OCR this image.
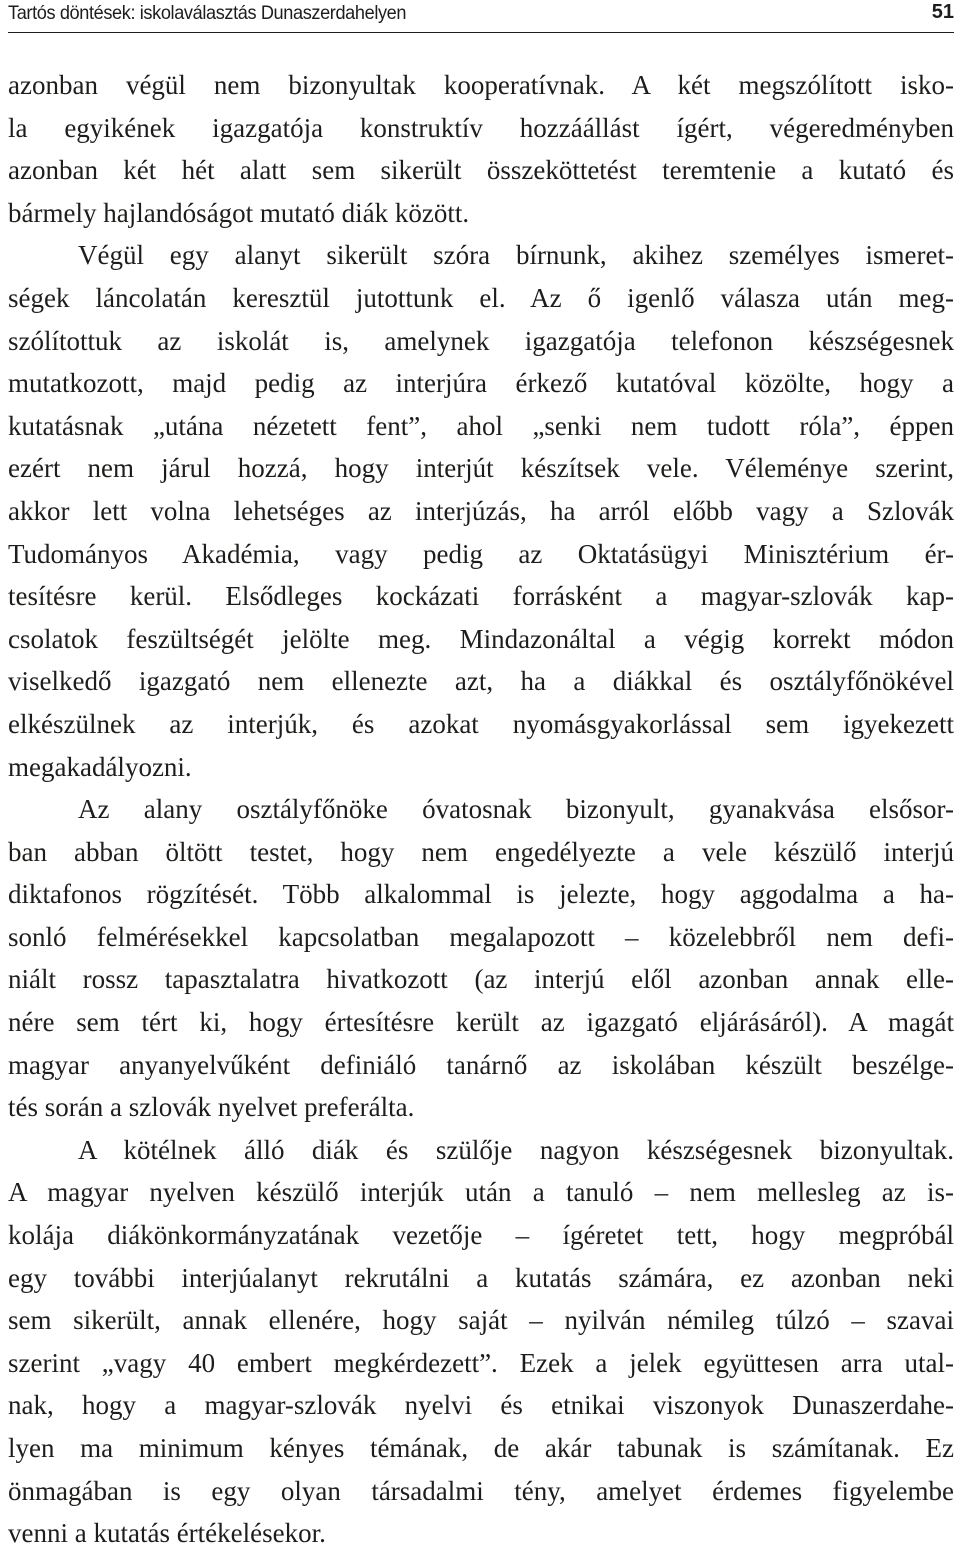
Tartós döntések: iskolaválasztás Dunaszerdahelyen	51
azonban végül nem bizonyultak kooperatívnak. A két megszólított isko-
la egyikének igazgatója konstruktív hozzáállást ígért, végeredményben
azonban két hét alatt sem sikerült összeköttetést teremtenie a kutató és
bármely hajlandóságot mutató diák között.
Végül egy alanyt sikerült szóra bírnunk, akihez személyes ismeret-
ségek láncolatán keresztül jutottunk el. Az ő igenlő válasza után meg-
szólítottuk az iskolát is, amelynek igazgatója telefonon készségesnek
mutatkozott, majd pedig az interjúra érkező kutatóval közölte, hogy a
kutatásnak „utána nézetett fent”, ahol „senki nem tudott róla”, éppen
ezért nem járul hozzá, hogy interjút készítsek vele. Véleménye szerint,
akkor lett volna lehetséges az interjúzás, ha arról előbb vagy a Szlovák
Tudományos Akadémia, vagy pedig az Oktatásügyi Minisztérium ér-
tesítésre kerül. Elsődleges kockázati forrásként a magyar-szlovák kap-
csolatok feszültségét jelölte meg. Mindazonáltal a végig korrekt módon
viselkedő igazgató nem ellenezte azt, ha a diákkal és osztályfőnökével
elkészülnek az interjúk, és azokat nyomásgyakorlással sem igyekezett
megakadályozni.
Az alany osztályfőnöke óvatosnak bizonyult, gyanakvása elsősor-
ban abban öltött testet, hogy nem engedélyezte a vele készülő interjú
diktafonos rögzítését. Több alkalommal is jelezte, hogy aggodalma a ha-
sonló felmérésekkel kapcsolatban megalapozott – közelebbről nem defi-
niált rossz tapasztalatra hivatkozott (az interjú elől azonban annak elle-
nére sem tért ki, hogy értesítésre került az igazgató eljárásáról). A magát
magyar anyanyelvűként definiáló tanárnő az iskolában készült beszélge-
tés során a szlovák nyelvet preferálta.
A kötélnek álló diák és szülője nagyon készségesnek bizonyultak.
A magyar nyelven készülő interjúk után a tanuló – nem mellesleg az is-
kolája diákönkormányzatának vezetője – ígéretet tett, hogy megpróbál
egy további interjúalanyt rekrutálni a kutatás számára, ez azonban neki
sem sikerült, annak ellenére, hogy saját – nyilván némileg túlzó – szavai
szerint „vagy 40 embert megkérdezett”. Ezek a jelek együttesen arra utal-
nak, hogy a magyar-szlovák nyelvi és etnikai viszonyok Dunaszerdahe-
lyen ma minimum kényes témának, de akár tabunak is számítanak. Ez
önmagában is egy olyan társadalmi tény, amelyet érdemes figyelembe
venni a kutatás értékelésekor.
